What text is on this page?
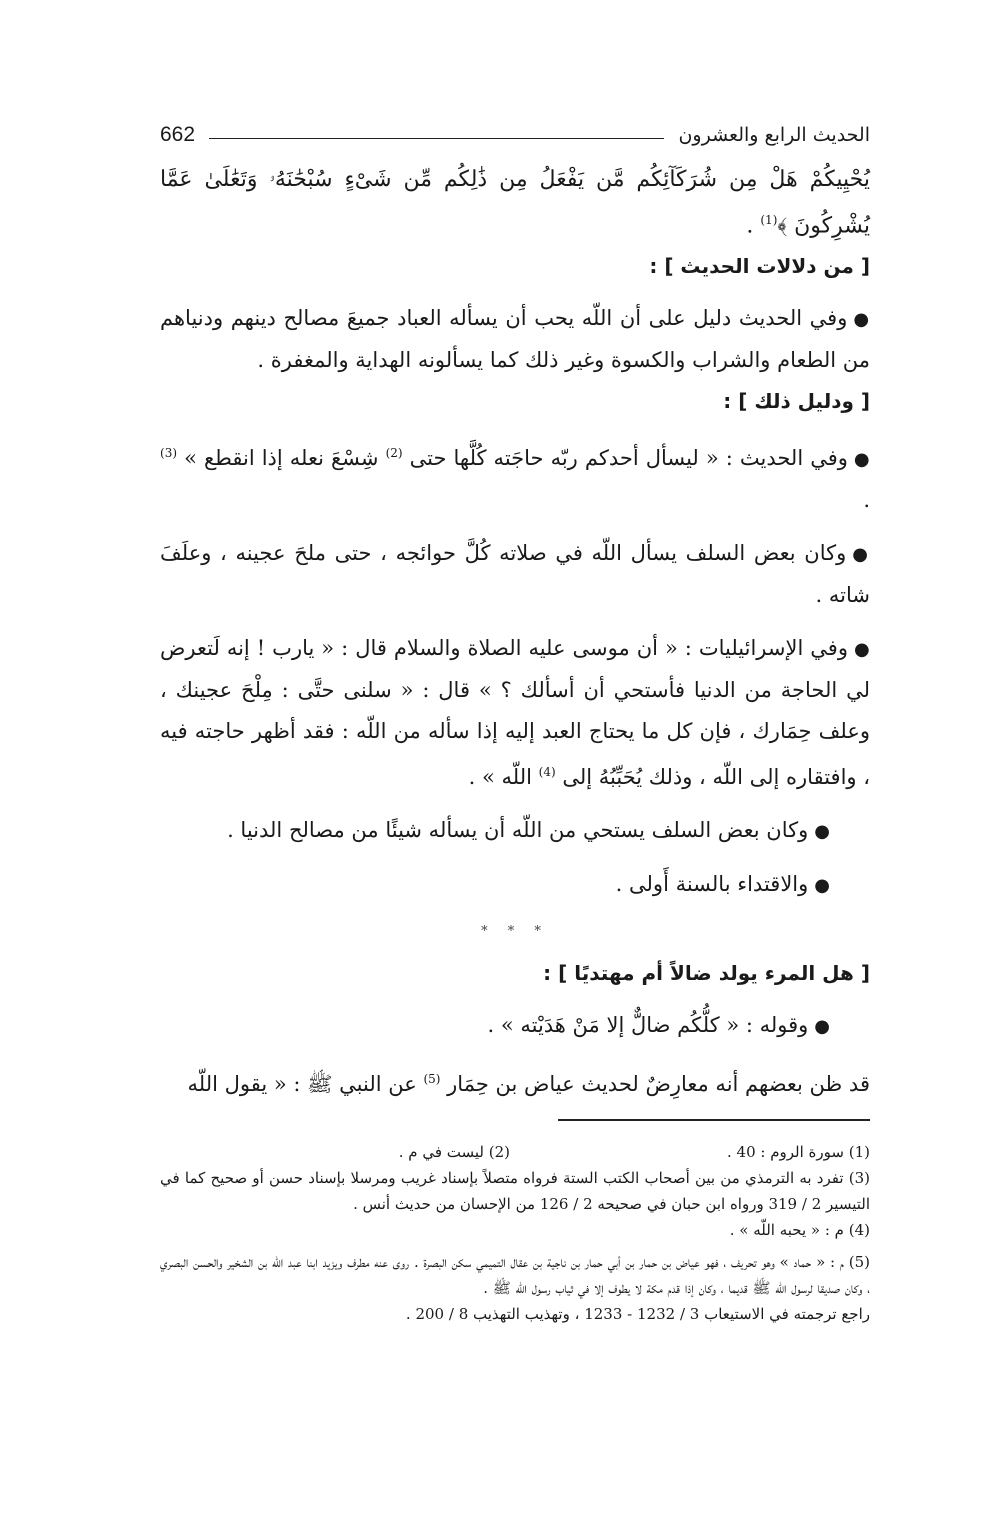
الحديث الرابع والعشرون
662
يُحْيِيكُمْ هَلْ مِن شُرَكَآئِكُم مَّن يَفْعَلُ مِن ذَٰلِكُم مِّن شَىْءٍ سُبْحَٰنَهُۥ وَتَعَٰلَىٰ عَمَّا يُشْرِكُونَ ﴾$^{(1)}$ .
[ من دلالات الحديث ] :
●وفي الحديث دليل على أن اللّه يحب أن يسأله العباد جميعَ مصالح دينهم ودنياهم من الطعام والشراب والكسوة وغير ذلك كما يسألونه الهداية والمغفرة .
[ ودليل ذلك ] :
●وفي الحديث : « ليسأل أحدكم ربّه حاجَته كُلَّها حتى $^{(2)}$ شِسْعَ نعله إذا انقطع » $^{(3)}$ .
●وكان بعض السلف يسأل اللّه في صلاته كُلَّ حوائجه ، حتى ملحَ عجينه ، وعلَفَ شاته .
●وفي الإسرائيليات : « أن موسى عليه الصلاة والسلام قال : « يارب ! إنه لَتعرض لي الحاجة من الدنيا فأستحي أن أسألك ؟ » قال : « سلنى حتَّى : مِلْحَ عجينك ، وعلف حِمَارك ، فإن كل ما يحتاج العبد إليه إذا سأله من اللّه : فقد أظهر حاجته فيه ، وافتقاره إلى اللّه ، وذلك يُحَبِّبُهُ إلى $^{(4)}$ اللّه » .
●وكان بعض السلف يستحي من اللّه أن يسأله شيئًا من مصالح الدنيا .
●والاقتداء بالسنة أَولى .
* * *
[ هل المرء يولد ضالاً أم مهتديًا ] :
●وقوله : « كلُّكُم ضالٌّ إلا مَنْ هَدَيْته » .
قد ظن بعضهم أنه معارِضٌ لحديث عياض بن حِمَار $^{(5)}$ عن النبي ﷺ : « يقول اللّه
(1) سورة الروم : 40 .
(2) ليست في م .
(3) تفرد به الترمذي من بين أصحاب الكتب الستة فرواه متصلاً بإسناد غريب ومرسلا بإسناد حسن أو صحيح كما في التيسير 2 / 319 ورواه ابن حبان في صحيحه 2 / 126 من الإحسان من حديث أنس .
(4) م : « يحبه اللّه » .
(5) م : « حماد » وهو تحريف ، فهو عياض بن حمار بن أبي حمار بن ناجية بن عقال التميمي سكن البصرة . روى عنه مطرف ويزيد ابنا عبد اللّه بن الشخير والحسن البصري ، وكان صديقا لرسول اللّه ﷺ قديما ، وكان إذا قدم مكة لا يطوف إلا في ثياب رسول اللّه ﷺ .
راجع ترجمته في الاستيعاب 3 / 1232 - 1233 ، وتهذيب التهذيب 8 / 200 .
